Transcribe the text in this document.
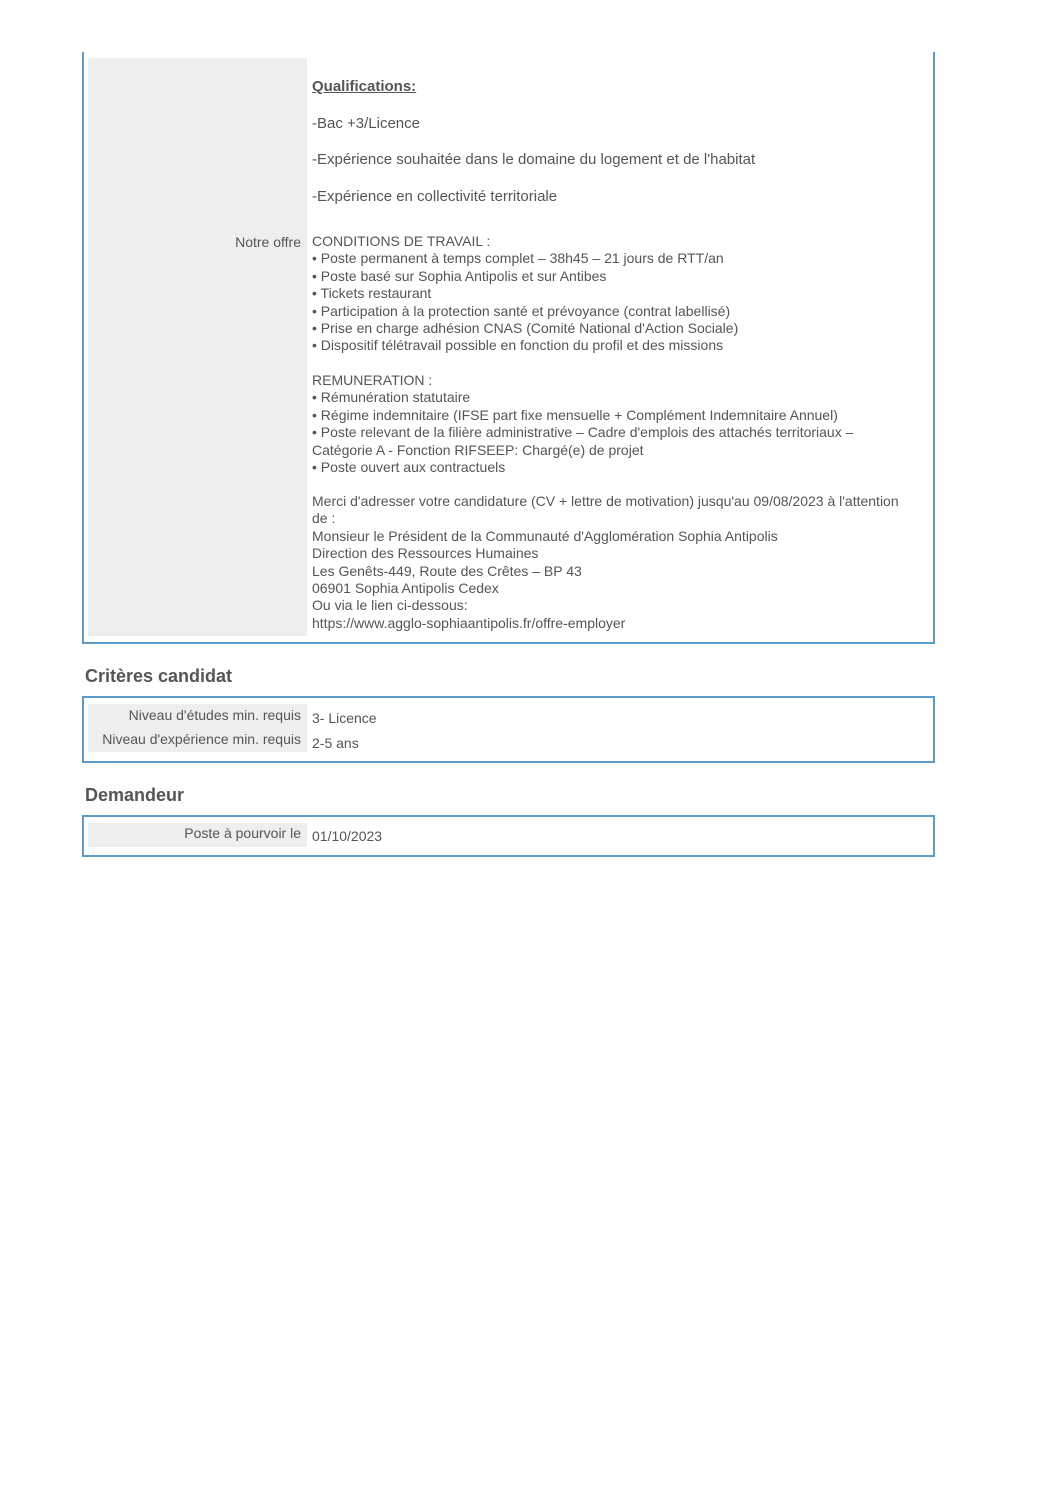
Notre offre
Qualifications:
-Bac +3/Licence
-Expérience souhaitée dans le domaine du logement et de l'habitat
-Expérience en collectivité territoriale
CONDITIONS DE TRAVAIL :
• Poste permanent à temps complet – 38h45 – 21 jours de RTT/an
• Poste basé sur Sophia Antipolis et sur Antibes
• Tickets restaurant
• Participation à la protection santé et prévoyance (contrat labellisé)
• Prise en charge adhésion CNAS (Comité National d'Action Sociale)
• Dispositif télétravail possible en fonction du profil et des missions
REMUNERATION :
• Rémunération statutaire
• Régime indemnitaire (IFSE part fixe mensuelle + Complément Indemnitaire Annuel)
• Poste relevant de la filière administrative – Cadre d'emplois des attachés territoriaux –
Catégorie A - Fonction RIFSEEP: Chargé(e) de projet
• Poste ouvert aux contractuels
Merci d'adresser votre candidature (CV + lettre de motivation) jusqu'au 09/08/2023 à l'attention
de :
Monsieur le Président de la Communauté d'Agglomération Sophia Antipolis
Direction des Ressources Humaines
Les Genêts-449, Route des Crêtes – BP 43
06901 Sophia Antipolis Cedex
Ou via le lien ci-dessous:
https://www.agglo-sophiaantipolis.fr/offre-employer
Critères candidat
Niveau d'études min. requis 3- Licence
Niveau d'expérience min. requis 2-5 ans
Demandeur
Poste à pourvoir le 01/10/2023
